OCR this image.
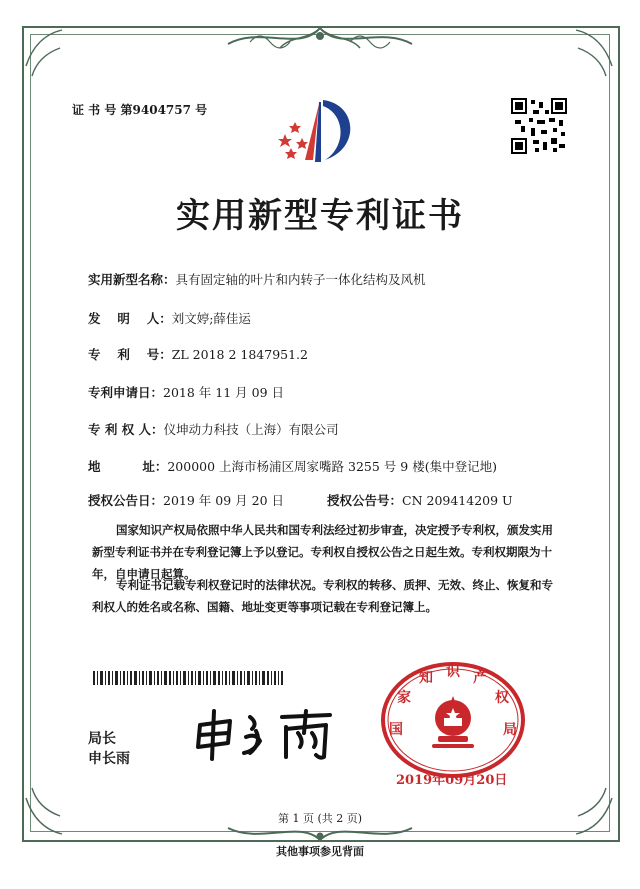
证 书 号 第9404757 号
实用新型专利证书
实用新型名称：具有固定轴的叶片和内转子一体化结构及风机
发　 明　 人：刘文婷;薛佳运
专　 利　 号：ZL 2018 2 1847951.2
专利申请日：2018 年 11 月 09 日
专 利 权 人：仪坤动力科技（上海）有限公司
地　　　 址：200000 上海市杨浦区周家嘴路 3255 号 9 楼(集中登记地)
授权公告日：2019 年 09 月 20 日	授权公告号：CN 209414209 U
国家知识产权局依照中华人民共和国专利法经过初步审查，决定授予专利权，颁发实用新型专利证书并在专利登记簿上予以登记。专利权自授权公告之日起生效。专利权期限为十年，自申请日起算。
专利证书记载专利权登记时的法律状况。专利权的转移、质押、无效、终止、恢复和专利权人的姓名或名称、国籍、地址变更等事项记载在专利登记簿上。
局长
申长雨
国
家
知 识 产
权
局
2019年09月20日
第 1 页 (共 2 页)
其他事项参见背面
